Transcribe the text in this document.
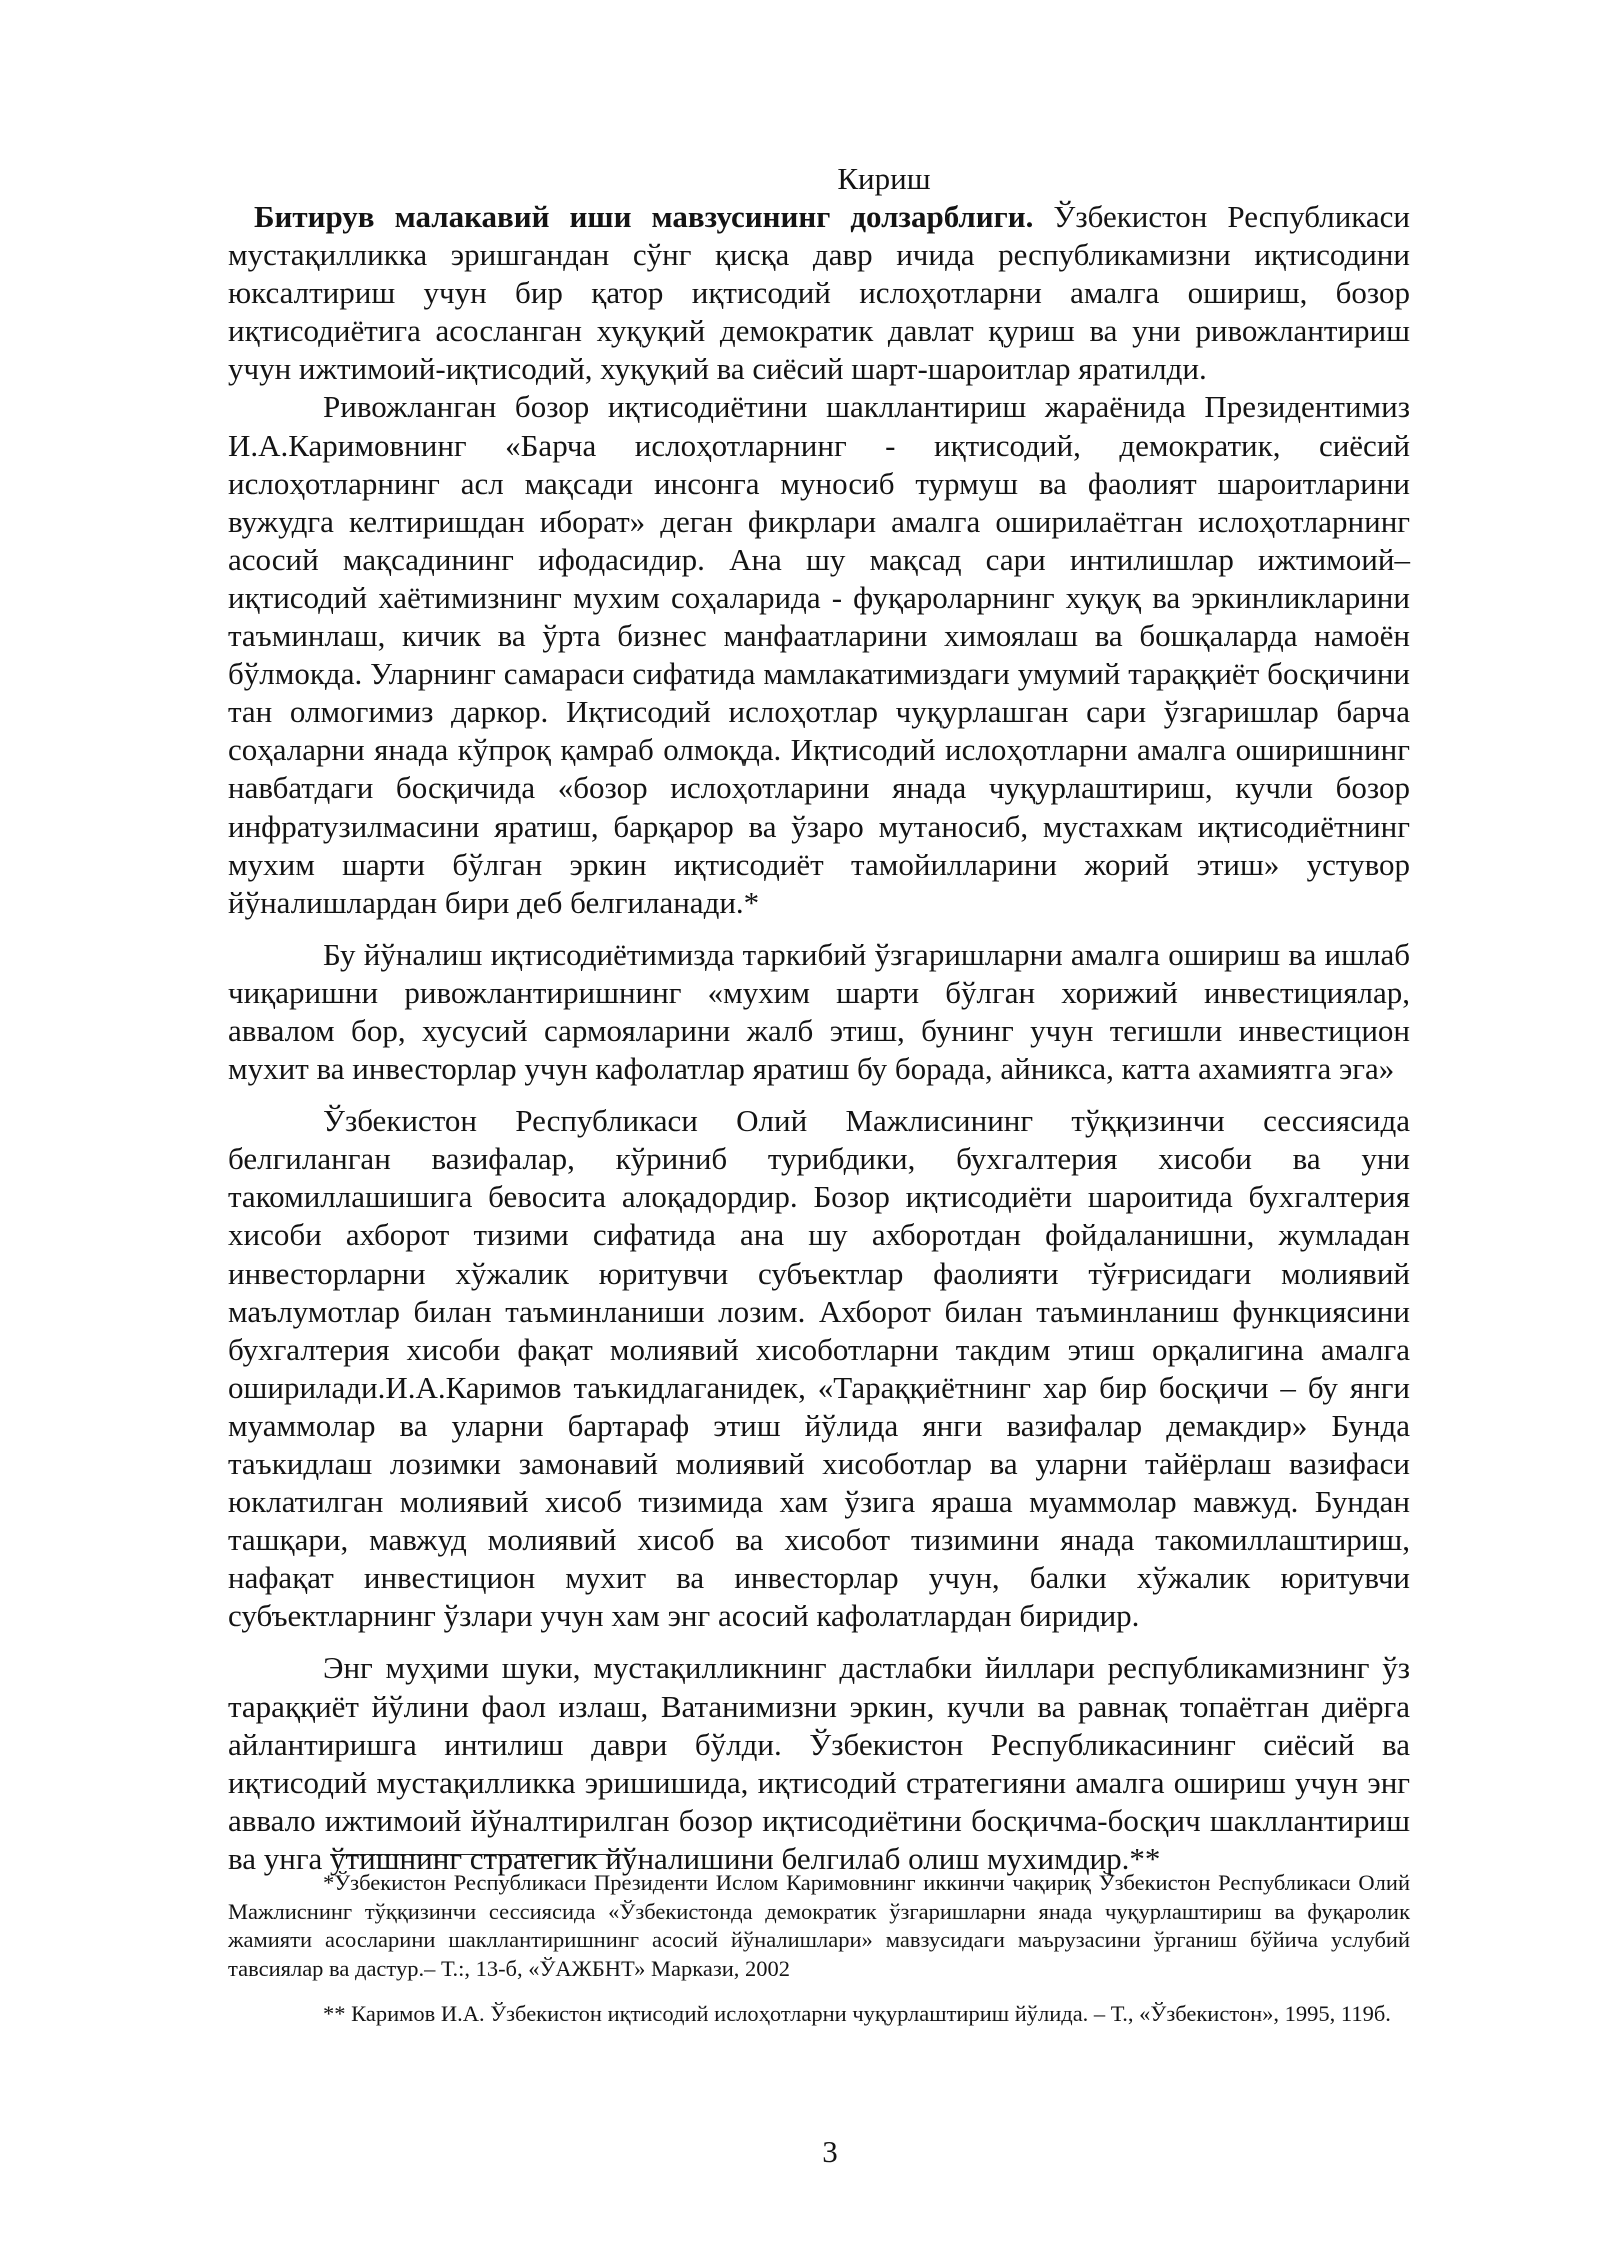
Кириш

Битирув малакавий иши мавзусининг долзарблиги. Ўзбекистон Республикаси мустақилликка эришгандан сўнг қисқа давр ичида республикамизни иқтисодини юксалтириш учун бир қатор иқтисодий ислоҳотларни амалга ошириш, бозор иқтисодиётига асосланган хуқуқий демократик давлат қуриш ва уни ривожлантириш учун ижтимоий-иқтисодий, хуқуқий ва сиёсий шарт-шароитлар яратилди.

Ривожланган бозор иқтисодиётини шакллантириш жараёнида Президентимиз И.А.Каримовнинг «Барча ислоҳотларнинг - иқтисодий, демократик, сиёсий ислоҳотларнинг асл мақсади инсонга муносиб турмуш ва фаолият шароитларини вужудга келтиришдан иборат» деган фикрлари амалга оширилаётган ислоҳотларнинг асосий мақсадининг ифодасидир. Ана шу мақсад сари интилишлар ижтимоий–иқтисодий хаётимизнинг мухим соҳаларида - фуқароларнинг хуқуқ ва эркинликларини таъминлаш, кичик ва ўрта бизнес манфаатларини химоялаш ва бошқаларда намоён бўлмокда. Уларнинг самараси сифатида мамлакатимиздаги умумий тараққиёт босқичини тан олмогимиз даркор. Иқтисодий ислоҳотлар чуқурлашган сари ўзгаришлар барча соҳаларни янада кўпроқ қамраб олмоқда. Иқтисодий ислоҳотларни амалга оширишнинг навбатдаги босқичида «бозор ислоҳотларини янада чуқурлаштириш, кучли бозор инфратузилмасини яратиш, барқарор ва ўзаро мутаносиб, мустахкам иқтисодиётнинг мухим шарти бўлган эркин иқтисодиёт тамойилларини жорий этиш» устувор йўналишлардан бири деб белгиланади.*

Бу йўналиш иқтисодиётимизда таркибий ўзгаришларни амалга ошириш ва ишлаб чиқаришни ривожлантиришнинг «мухим шарти бўлган хорижий инвестициялар, аввалом бор, хусусий сармояларини жалб этиш, бунинг учун тегишли инвестицион мухит ва инвесторлар учун кафолатлар яратиш бу борада, айникса, катта ахамиятга эга»

Ўзбекистон Республикаси Олий Мажлисининг тўққизинчи сессиясида белгиланган вазифалар, кўриниб турибдики, бухгалтерия хисоби ва уни такомиллашишига бевосита алоқадордир. Бозор иқтисодиёти шароитида бухгалтерия хисоби ахборот тизими сифатида ана шу ахборотдан фойдаланишни, жумладан инвесторларни хўжалик юритувчи субъектлар фаолияти тўғрисидаги молиявий маълумотлар билан таъминланиши лозим. Ахборот билан таъминланиш функциясини бухгалтерия хисоби фақат молиявий хисоботларни такдим этиш орқалигина амалга оширилади.И.А.Каримов таъкидлаганидек, «Тараққиётнинг хар бир босқичи – бу янги муаммолар ва уларни бартараф этиш йўлида янги вазифалар демакдир» Бунда таъкидлаш лозимки замонавий молиявий хисоботлар ва уларни тайёрлаш вазифаси юклатилган молиявий хисоб тизимида хам ўзига яраша муаммолар мавжуд. Бундан ташқари, мавжуд молиявий хисоб ва хисобот тизимини янада такомиллаштириш, нафақат инвестицион мухит ва инвесторлар учун, балки хўжалик юритувчи субъектларнинг ўзлари учун хам энг асосий кафолатлардан биридир.

Энг муҳими шуки, мустақилликнинг дастлабки йиллари республикамизнинг ўз тараққиёт йўлини фаол излаш, Ватанимизни эркин, кучли ва равнақ топаётган диёрга айлантиришга интилиш даври бўлди. Ўзбекистон Республикасининг сиёсий ва иқтисодий мустақилликка эришишида, иқтисодий стратегияни амалга ошириш учун энг аввало ижтимоий йўналтирилган бозор иқтисодиётини босқичма-босқич шакллантириш ва унга ўтишнинг стратегик йўналишини белгилаб олиш мухимдир.**

*Ўзбекистон Республикаси Президенти Ислом Каримовнинг иккинчи чақириқ Ўзбекистон Республикаси Олий Мажлиснинг тўққизинчи сессиясида «Ўзбекистонда демократик ўзгаришларни янада чуқурлаштириш ва фуқаролик жамияти асосларини шакллантиришнинг асосий йўналишлари» мавзусидаги маърузасини ўрганиш бўйича услубий тавсиялар ва дастур.– Т.:, 13-б, «ЎАЖБНТ» Маркази, 2002

** Каримов И.А. Ўзбекистон иқтисодий ислоҳотларни чуқурлаштириш йўлида. – Т., «Ўзбекистон», 1995, 119б.

3
